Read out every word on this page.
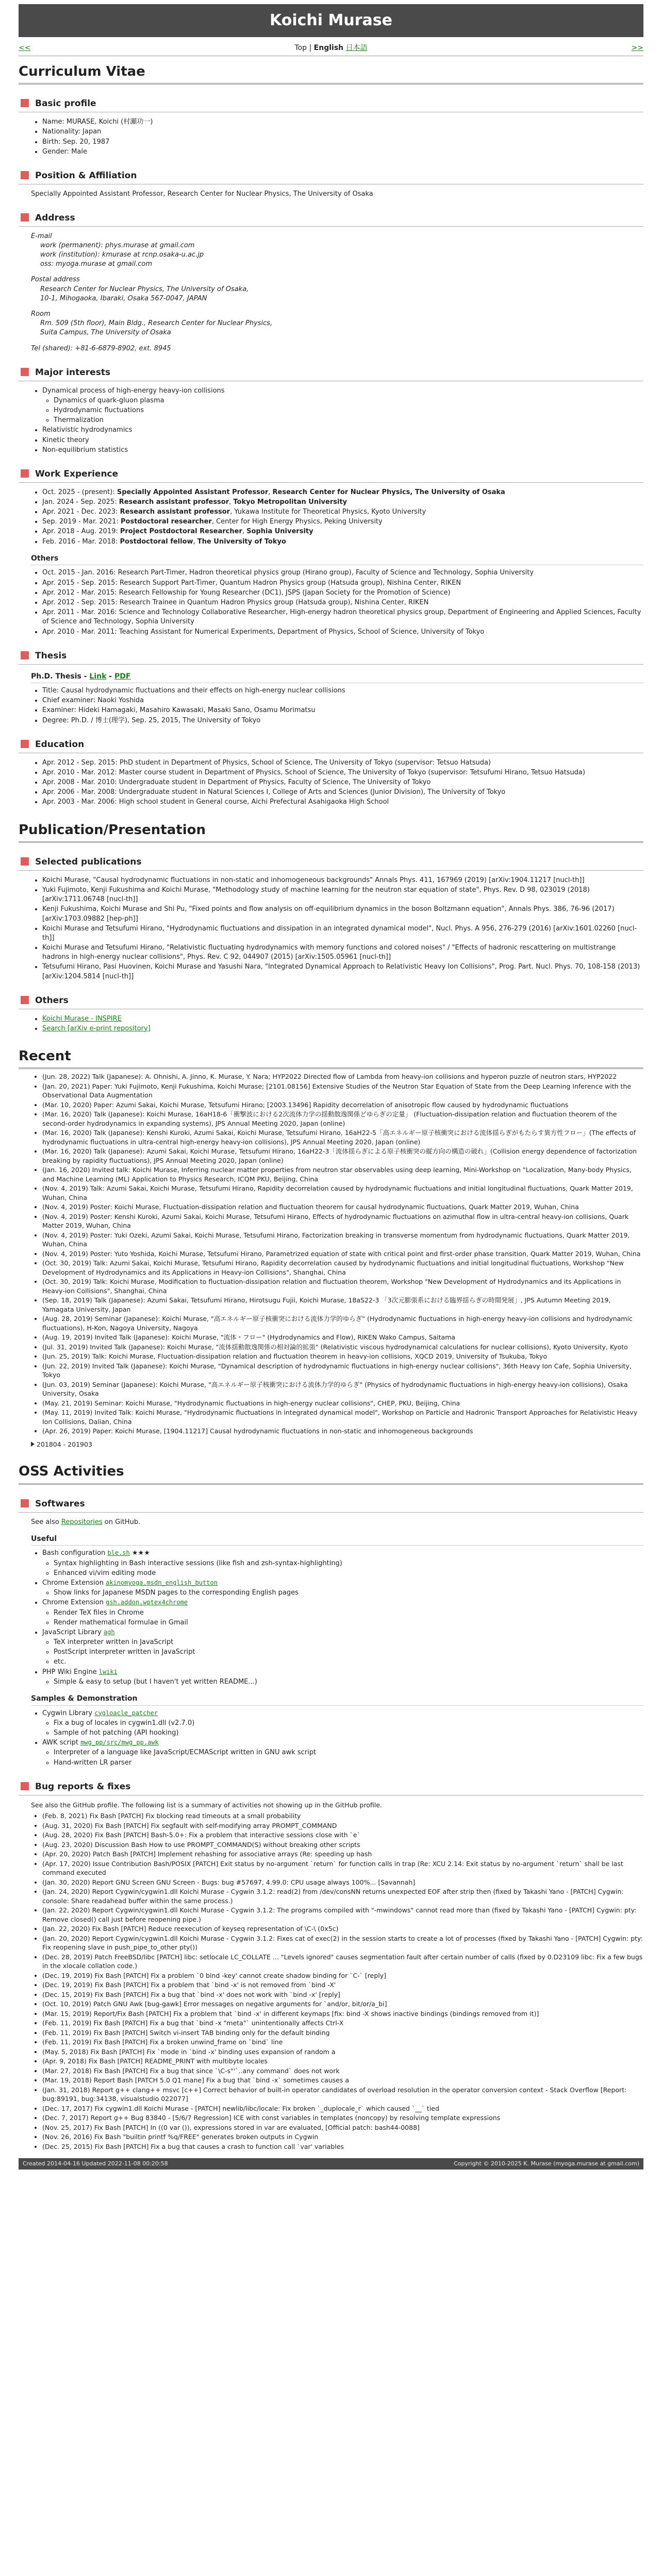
Koichi Murase
<<	Top | English 日本語	>>
Curriculum Vitae
Basic profile
• Name: MURASE, Koichi (村瀬功一)
• Nationality: Japan
• Birth: Sep. 20, 1987
• Gender: Male
Position & Affiliation
Specially Appointed Assistant Professor, Research Center for Nuclear Physics, The University of Osaka
Address
E-mail
work (permanent): phys.murase at gmail.com
work (institution): kmurase at rcnp.osaka-u.ac.jp
oss: myoga.murase at gmail.com
Postal address
Research Center for Nuclear Physics, The University of Osaka,
10-1, Mihogaoka, Ibaraki, Osaka 567-0047, JAPAN
Room
Rm. 509 (5th floor), Main Bldg., Research Center for Nuclear Physics,
Suita Campus, The University of Osaka
Tel (shared): +81-6-6879-8902, ext. 8945
Major interests
• Dynamical process of high-energy heavy-ion collisions
◦ Dynamics of quark-gluon plasma
◦ Hydrodynamic fluctuations
◦ Thermalization
• Relativistic hydrodynamics
• Kinetic theory
• Non-equilibrium statistics
Work Experience
• Oct. 2025 - (present): Specially Appointed Assistant Professor, Research Center for Nuclear Physics, The University of Osaka
• Jan. 2024 - Sep. 2025: Research assistant professor, Tokyo Metropolitan University
• Apr. 2021 - Dec. 2023: Research assistant professor, Yukawa Institute for Theoretical Physics, Kyoto University
• Sep. 2019 - Mar. 2021: Postdoctoral researcher, Center for High Energy Physics, Peking University
• Apr. 2018 - Aug. 2019: Project Postdoctoral Researcher, Sophia University
• Feb. 2016 - Mar. 2018: Postdoctoral fellow, The University of Tokyo
Others
• Oct. 2015 - Jan. 2016: Research Part-Timer, Hadron theoretical physics group (Hirano group), Faculty of Science and Technology, Sophia University
• Apr. 2015 - Sep. 2015: Research Support Part-Timer, Quantum Hadron Physics group (Hatsuda group), Nishina Center, RIKEN
• Apr. 2012 - Mar. 2015: Research Fellowship for Young Researcher (DC1), JSPS (Japan Society for the Promotion of Science)
• Apr. 2012 - Sep. 2015: Research Trainee in Quantum Hadron Physics group (Hatsuda group), Nishina Center, RIKEN
• Apr. 2011 - Mar. 2016: Science and Technology Collaborative Researcher, High-energy hadron theoretical physics group, Department of Engineering and Applied Sciences, Faculty of Science and Technology, Sophia University
• Apr. 2010 - Mar. 2011: Teaching Assistant for Numerical Experiments, Department of Physics, School of Science, University of Tokyo
Thesis
Ph.D. Thesis - Link - PDF
• Title: Causal hydrodynamic fluctuations and their effects on high-energy nuclear collisions
• Chief examiner: Naoki Yoshida
• Examiner: Hideki Hamagaki, Masahiro Kawasaki, Masaki Sano, Osamu Morimatsu
• Degree: Ph.D. / 博士(理学), Sep. 25, 2015, The University of Tokyo
Education
• Apr. 2012 - Sep. 2015: PhD student in Department of Physics, School of Science, The University of Tokyo (supervisor: Tetsuo Hatsuda)
• Apr. 2010 - Mar. 2012: Master course student in Department of Physics, School of Science, The University of Tokyo (supervisor: Tetsufumi Hirano, Tetsuo Hatsuda)
• Apr. 2008 - Mar. 2010: Undergraduate student in Department of Physics, Faculty of Science, The University of Tokyo
• Apr. 2006 - Mar. 2008: Undergraduate student in Natural Sciences I, College of Arts and Sciences (Junior Division), The University of Tokyo
• Apr. 2003 - Mar. 2006: High school student in General course, Aichi Prefectural Asahigaoka High School
Publication/Presentation
Selected publications
• Koichi Murase, "Causal hydrodynamic fluctuations in non-static and inhomogeneous backgrounds" Annals Phys. 411, 167969 (2019) [arXiv:1904.11217 [nucl-th]]
• Yuki Fujimoto, Kenji Fukushima and Koichi Murase, "Methodology study of machine learning for the neutron star equation of state", Phys. Rev. D 98, 023019 (2018) [arXiv:1711.06748 [nucl-th]]
• Kenji Fukushima, Koichi Murase and Shi Pu, "Fixed points and flow analysis on off-equilibrium dynamics in the boson Boltzmann equation", Annals Phys. 386, 76-96 (2017) [arXiv:1703.09882 [hep-ph]]
• Koichi Murase and Tetsufumi Hirano, "Hydrodynamic fluctuations and dissipation in an integrated dynamical model", Nucl. Phys. A 956, 276-279 (2016) [arXiv:1601.02260 [nucl-th]]
• Koichi Murase and Tetsufumi Hirano, "Relativistic fluctuating hydrodynamics with memory functions and colored noises" / "Effects of hadronic rescattering on multistrange hadrons in high-energy nuclear collisions", Phys. Rev. C 92, 044907 (2015) [arXiv:1505.05961 [nucl-th]]
• Tetsufumi Hirano, Pasi Huovinen, Koichi Murase and Yasushi Nara, "Integrated Dynamical Approach to Relativistic Heavy Ion Collisions", Prog. Part. Nucl. Phys. 70, 108-158 (2013) [arXiv:1204.5814 [nucl-th]]
Others
• Koichi Murase - INSPIRE
• Search [arXiv e-print repository]
Recent
• (Jun. 28, 2022) Talk (Japanese): A. Ohnishi, A. Jinno, K. Murase, Y. Nara; HYP2022 Directed flow of Lambda from heavy-ion collisions and hyperon puzzle of neutron stars, HYP2022
• (Jan. 20, 2021) Paper: Yuki Fujimoto, Kenji Fukushima, Koichi Murase; [2101.08156] Extensive Studies of the Neutron Star Equation of State from the Deep Learning Inference with the Observational Data Augmentation
• (Mar. 10, 2020) Paper: Azumi Sakai, Koichi Murase, Tetsufumi Hirano; [2003.13496] Rapidity decorrelation of anisotropic flow caused by hydrodynamic fluctuations
• (Mar. 16, 2020) Talk (Japanese): Koichi Murase, 16aH18-6「衝撃波における2次流体力学の揺動散逸関係どゆらぎの定量」 (Fluctuation-dissipation relation and fluctuation theorem of the second-order hydrodynamics in expanding systems), JPS Annual Meeting 2020, Japan (online)
• (Mar. 16, 2020) Talk (Japanese): Kenshi Kuroki, Azumi Sakai, Koichi Murase, Tetsufumi Hirano, 16aH22-5「高エネルギー原子核衝突における流体揺らぎがもたらす異方性フロー」(The effects of hydrodynamic fluctuations in ultra-central high-energy heavy-ion collisions), JPS Annual Meeting 2020, Japan (online)
• (Mar. 16, 2020) Talk (Japanese): Azumi Sakai, Koichi Murase, Tetsufumi Hirano, 16aH22-3「流体揺らぎによる原子核衝突の縦方向の構造の破れ」(Collision energy dependence of factorization breaking by rapidity fluctuations), JPS Annual Meeting 2020, Japan (online)
• (Jan. 16, 2020) Invited talk: Koichi Murase, Inferring nuclear matter properties from neutron star observables using deep learning, Mini-Workshop on "Localization, Many-body Physics, and Machine Learning (ML) Application to Physics Research, ICQM PKU, Beijing, China
• (Nov. 4, 2019) Talk: Azumi Sakai, Koichi Murase, Tetsufumi Hirano, Rapidity decorrelation caused by hydrodynamic fluctuations and initial longitudinal fluctuations, Quark Matter 2019, Wuhan, China
• (Nov. 4, 2019) Poster: Koichi Murase, Fluctuation-dissipation relation and fluctuation theorem for causal hydrodynamic fluctuations, Quark Matter 2019, Wuhan, China
• (Nov. 4, 2019) Poster: Kenshi Kuroki, Azumi Sakai, Koichi Murase, Tetsufumi Hirano, Effects of hydrodynamic fluctuations on azimuthal flow in ultra-central heavy-ion collisions, Quark Matter 2019, Wuhan, China
• (Nov. 4, 2019) Poster: Yuki Ozeki, Azumi Sakai, Koichi Murase, Tetsufumi Hirano, Factorization breaking in transverse momentum from hydrodynamic fluctuations, Quark Matter 2019, Wuhan, China
• (Nov. 4, 2019) Poster: Yuto Yoshida, Koichi Murase, Tetsufumi Hirano, Parametrized equation of state with critical point and first-order phase transition, Quark Matter 2019, Wuhan, China
• (Oct. 30, 2019) Talk: Azumi Sakai, Koichi Murase, Tetsufumi Hirano, Rapidity decorrelation caused by hydrodynamic fluctuations and initial longitudinal fluctuations, Workshop "New Development of Hydrodynamics and its Applications in Heavy-ion Collisions", Shanghai, China
• (Oct. 30, 2019) Talk: Koichi Murase, Modification to fluctuation-dissipation relation and fluctuation theorem, Workshop "New Development of Hydrodynamics and its Applications in Heavy-ion Collisions", Shanghai, China
• (Sep. 18, 2019) Talk (Japanese): Azumi Sakai, Tetsufumi Hirano, Hirotsugu Fujii, Koichi Murase, 18aS22-3 「3次元膨張系における臨界揺らぎの時間発展」, JPS Autumn Meeting 2019, Yamagata University, Japan
• (Aug. 28, 2019) Seminar (Japanese): Koichi Murase, "高エネルギー原子核衝突における流体力学的ゆらぎ" (Hydrodynamic fluctuations in high-energy heavy-ion collisions and hydrodynamic fluctuations), H-Kon, Nagoya University, Nagoya
• (Aug. 19, 2019) Invited Talk (Japanese): Koichi Murase, "流体・フロー" (Hydrodynamics and Flow), RIKEN Wako Campus, Saitama
• (Jul. 31, 2019) Invited Talk (Japanese): Koichi Murase, "流体揺動散逸関係の相対論的拡張" (Relativistic viscous hydrodynamical calculations for nuclear collisions), Kyoto University, Kyoto
• (Jun. 25, 2019) Talk: Koichi Murase, Fluctuation-dissipation relation and fluctuation theorem in heavy-ion collisions, XQCD 2019, University of Tsukuba, Tokyo
• (Jun. 22, 2019) Invited Talk (Japanese): Koichi Murase, "Dynamical description of hydrodynamic fluctuations in high-energy nuclear collisions", 36th Heavy Ion Cafe, Sophia University, Tokyo
• (Jun. 03, 2019) Seminar (Japanese): Koichi Murase, "高エネルギー原子核衝突における流体力学的ゆらぎ" (Physics of hydrodynamic fluctuations in high-energy heavy-ion collisions), Osaka University, Osaka
• (May. 21, 2019) Seminar: Koichi Murase, "Hydrodynamic fluctuations in high-energy nuclear collisions", CHEP, PKU, Beijing, China
• (May. 11, 2019) Invited Talk: Koichi Murase, "Hydrodynamic fluctuations in integrated dynamical model", Workshop on Particle and Hadronic Transport Approaches for Relativistic Heavy Ion Collisions, Dalian, China
• (Apr. 26, 2019) Paper: Koichi Murase, [1904.11217] Causal hydrodynamic fluctuations in non-static and inhomogeneous backgrounds
201804 - 201903
OSS Activities
Softwares
See also Repositories on GitHub.
Useful
• Bash configuration ble.sh ★★★
◦ Syntax highlighting in Bash interactive sessions (like fish and zsh-syntax-highlighting)
◦ Enhanced vi/vim editing mode
• Chrome Extension akinomyoga.msdn_english_button
◦ Show links for Japanese MSDN pages to the corresponding English pages
• Chrome Extension gsh.addon.wptex4chrome
◦ Render TeX files in Chrome
◦ Render mathematical formulae in Gmail
• JavaScript Library agh
◦ TeX interpreter written in JavaScript
◦ PostScript interpreter written in JavaScript
◦ etc.
• PHP Wiki Engine lwiki
◦ Simple & easy to setup (but I haven't yet written README...)
Samples & Demonstration
• Cygwin Library cygloacle_patcher
◦ Fix a bug of locales in cygwin1.dll (v2.7.0)
◦ Sample of hot patching (API hooking)
• AWK script mwg_pp/src/mwg_pp.awk
◦ Interpreter of a language like JavaScript/ECMAScript written in GNU awk script
◦ Hand-written LR parser
Bug reports & fixes
See also the GitHub profile. The following list is a summary of activities not showing up in the GitHub profile.
• (Feb. 8, 2021) Fix Bash [PATCH] Fix blocking read timeouts at a small probability
• (Aug. 31, 2020) Fix Bash [PATCH] Fix segfault with self-modifying array PROMPT_COMMAND
• (Aug. 28, 2020) Fix Bash [PATCH] Bash-5.0+: Fix a problem that interactive sessions close with `e`
• (Aug. 23, 2020) Discussion Bash How to use PROMPT_COMMAND(S) without breaking other scripts
• (Apr. 20, 2020) Patch Bash [PATCH] Implement rehashing for associative arrays (Re: speeding up hash
• (Apr. 17, 2020) Issue Contribution Bash/POSIX [PATCH] Exit status by no-argument `return` for function calls in trap (Re: XCU 2.14: Exit status by no-argument `return` shall be last command executed
• (Jan. 30, 2020) Report GNU Screen GNU Screen - Bugs: bug #57697, 4.99.0: CPU usage always 100%... [Savannah]
• (Jan. 24, 2020) Report Cygwin/cygwin1.dll Koichi Murase - Cygwin 3.1.2: read(2) from /dev/consNN returns unexpected EOF after strip then (fixed by Takashi Yano - [PATCH] Cygwin: console: Share readahead buffer within the same process.)
• (Jan. 22, 2020) Report Cygwin/cygwin1.dll Koichi Murase - Cygwin 3.1.2: The programs compiled with "-mwindows" cannot read more than (fixed by Takashi Yano - [PATCH] Cygwin: pty: Remove closed() call just before reopening pipe.)
• (Jan. 22, 2020) Fix Bash [PATCH] Reduce reexecution of keyseq representation of \C-\ (0x5c)
• (Jan. 20, 2020) Report Cygwin/cygwin1.dll Koichi Murase - Cygwin 3.1.2: Fixes cat of exec(2) in the session starts to create a lot of processes (fixed by Takashi Yano - [PATCH] Cygwin: pty: Fix reopening slave in push_pipe_to_other pty())
• (Dec. 28, 2019) Patch FreeBSD/libc [PATCH] libc: setlocale LC_COLLATE ... "Levels ignored" causes segmentation fault after certain number of calls (fixed by 0.D23109 libc: Fix a few bugs in the xlocale collation code.)
• (Dec. 19, 2019) Fix Bash [PATCH] Fix a problem `0 bind -key' cannot create shadow binding for `C-` [reply]
• (Dec. 19, 2019) Fix Bash [PATCH] Fix a problem that `bind -x' is not removed from `bind -X'
• (Dec. 15, 2019) Fix Bash [PATCH] Fix a bug that `bind -x' does not work with `bind -x' [reply]
• (Oct. 10, 2019) Patch GNU Awk [bug-gawk] Error messages on negative arguments for `and/or, bit/or/a_bi]
• (Mar. 15, 2019) Report/Fix Bash [PATCH] Fix a problem that `bind -x' in different keymaps [fix: bind -X shows inactive bindings (bindings removed from it)]
• (Feb. 11, 2019) Fix Bash [PATCH] Fix a bug that `bind -x "meta"` unintentionally affects Ctrl-X
• (Feb. 11, 2019) Fix Bash [PATCH] Switch vi-insert TAB binding only for the default binding
• (Feb. 11, 2019) Fix Bash [PATCH] Fix a broken unwind_frame on `bind` line
• (May. 5, 2018) Fix Bash [PATCH] Fix `mode in `bind -x' binding uses expansion of random a
• (Apr. 9, 2018) Fix Bash [PATCH] README_PRINT with multibyte locales
• (Mar. 27, 2018) Fix Bash [PATCH] Fix a bug that since `\C-s"'`..any command` does not work
• (Mar. 19, 2018) Report Bash [PATCH 5.0 Q1 mane] Fix a bug that `bind -x` sometimes causes a
• (Jan. 31, 2018) Report g++ clang++ msvc [c++] Correct behavior of built-in operator candidates of overload resolution in the operator conversion context - Stack Overflow [Report: bug:89191, bug:34138, visualstudio 022077]
• (Dec. 17, 2017) Fix cygwin1.dll Koichi Murase - [PATCH] newlib/libc/locale: Fix broken `_duplocale_r` which caused `__` tied
• (Dec. 7, 2017) Report g++ Bug 83840 - [5/6/7 Regression] ICE with const variables in templates (noncopy) by resolving template expressions
• (Nov. 25, 2017) Fix Bash [PATCH] In ((0 var ()), expressions stored in var are evaluated, [Official patch: bash44-0088]
• (Nov. 26, 2016) Fix Bash "builtin printf %q/FREE" generates broken outputs in Cygwin
• (Dec. 25, 2015) Fix Bash [PATCH] Fix a bug that causes a crash to function call `var' variables
Created 2014-04-16 Updated 2022-11-08 00:20:58	Copyright © 2010-2025 K. Murase (myoga.murase at gmail.com)
